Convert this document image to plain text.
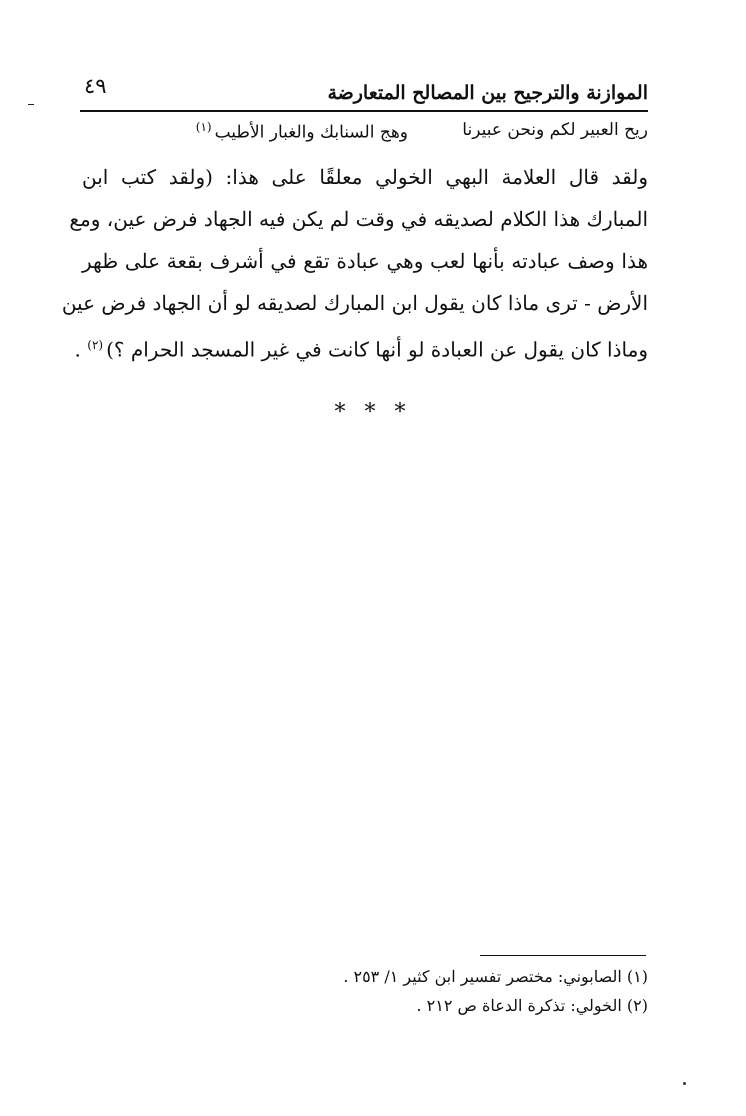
الموازنة والترجيح بين المصالح المتعارضة
٤٩
ريح العبير لكم ونحن عبيرنا
وهج السنابك والغبار الأطيب$^{(١)}$
ولقد قال العلامة البهي الخولي معلقًا على هذا: (ولقد كتب ابن
المبارك هذا الكلام لصديقه في وقت لم يكن فيه الجهاد فرض عين، ومع
هذا وصف عبادته بأنها لعب وهي عبادة تقع في أشرف بقعة على ظهر
الأرض - ترى ماذا كان يقول ابن المبارك لصديقه لو أن الجهاد فرض عين
وماذا كان يقول عن العبادة لو أنها كانت في غير المسجد الحرام ؟)$^{(٢)}$ .
* * *
(١) الصابوني: مختصر تفسير ابن كثير ١/ ٢٥٣ .
(٢) الخولي: تذكرة الدعاة ص ٢١٢ .
